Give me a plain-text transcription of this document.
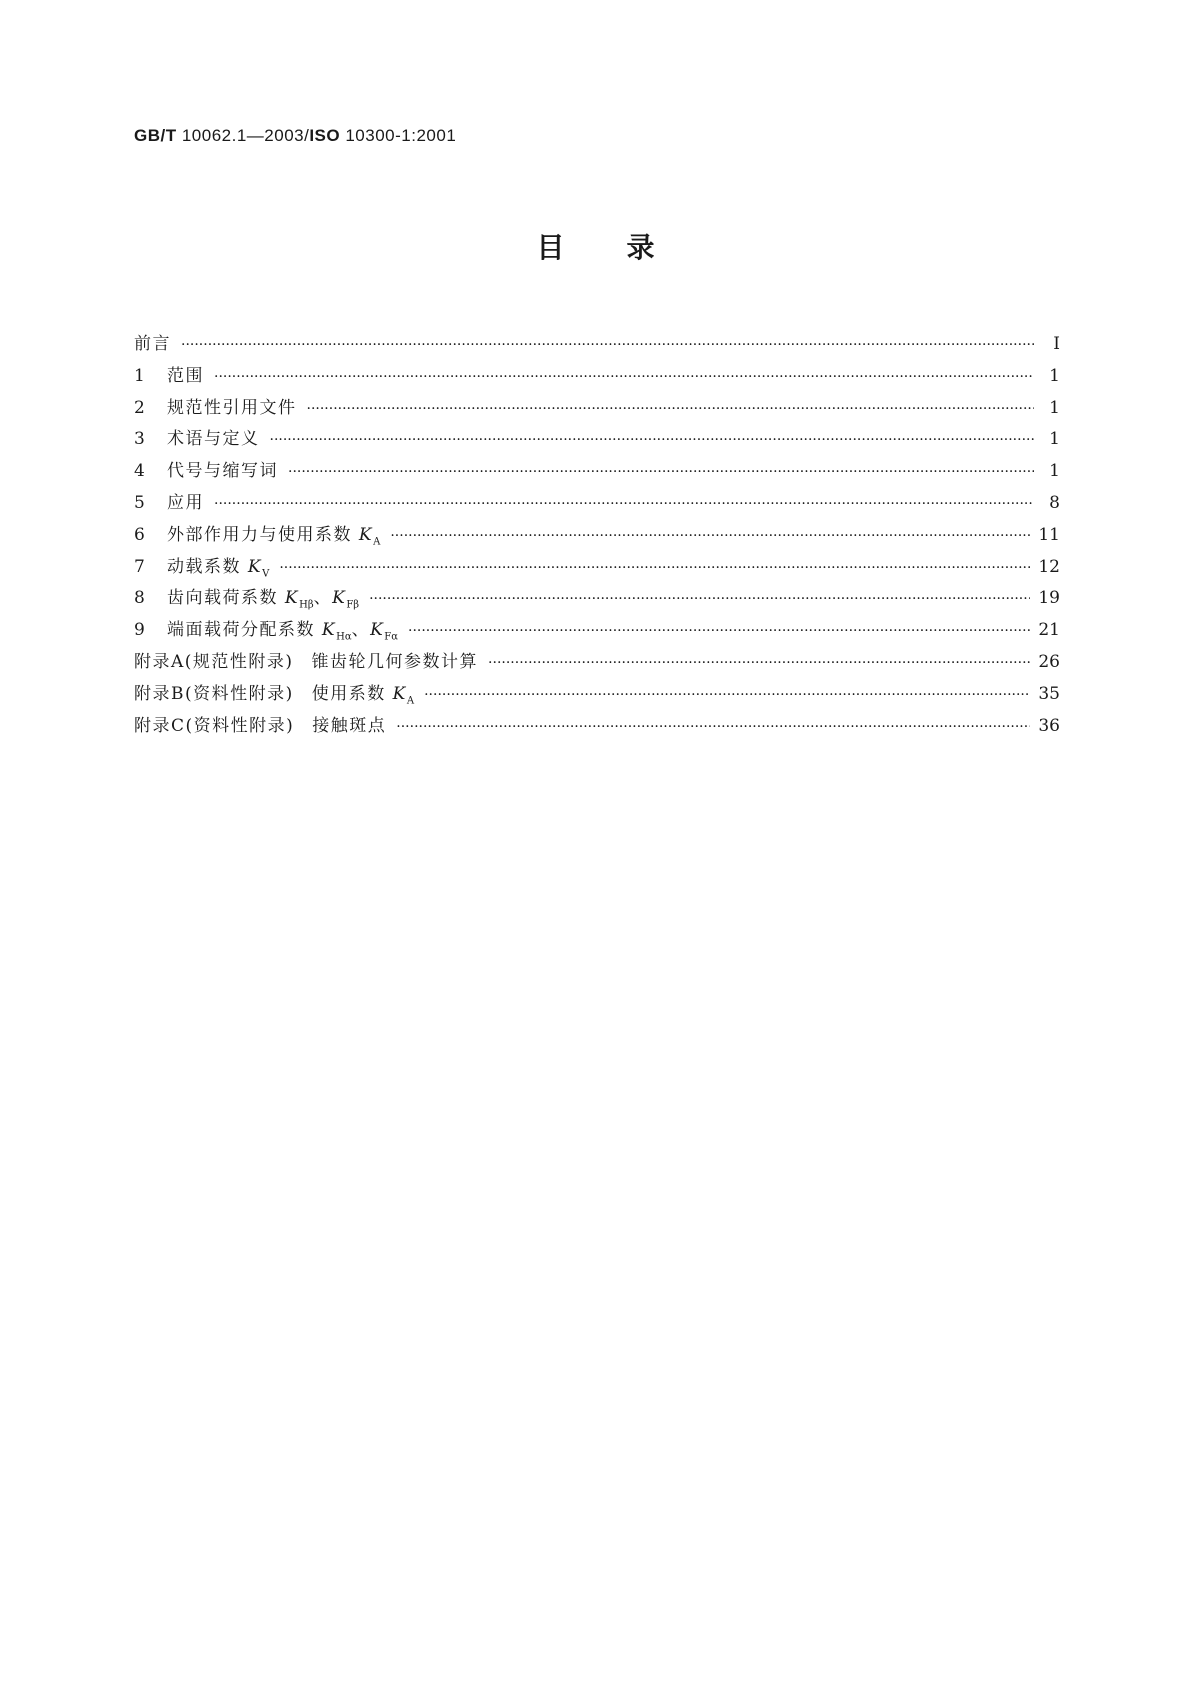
GB/T 10062.1—2003/ISO 10300-1:2001
目录
前言 ·····	Ⅰ
1	范围 ·····	1
2	规范性引用文件 ·····	1
3	术语与定义 ·····	1
4	代号与缩写词 ·····	1
5	应用 ·····	8
6	外部作用力与使用系数 $K_A$ ·····	11
7	动载系数 $K_V$ ·····	12
8	齿向载荷系数 $K_{H\beta}$、$K_{F\beta}$ ·····	19
9	端面载荷分配系数 $K_{H\alpha}$、$K_{F\alpha}$ ·····	21
附录A(规范性附录) 锥齿轮几何参数计算 ·····	26
附录B(资料性附录) 使用系数 $K_A$ ·····	35
附录C(资料性附录) 接触斑点 ·····	36
